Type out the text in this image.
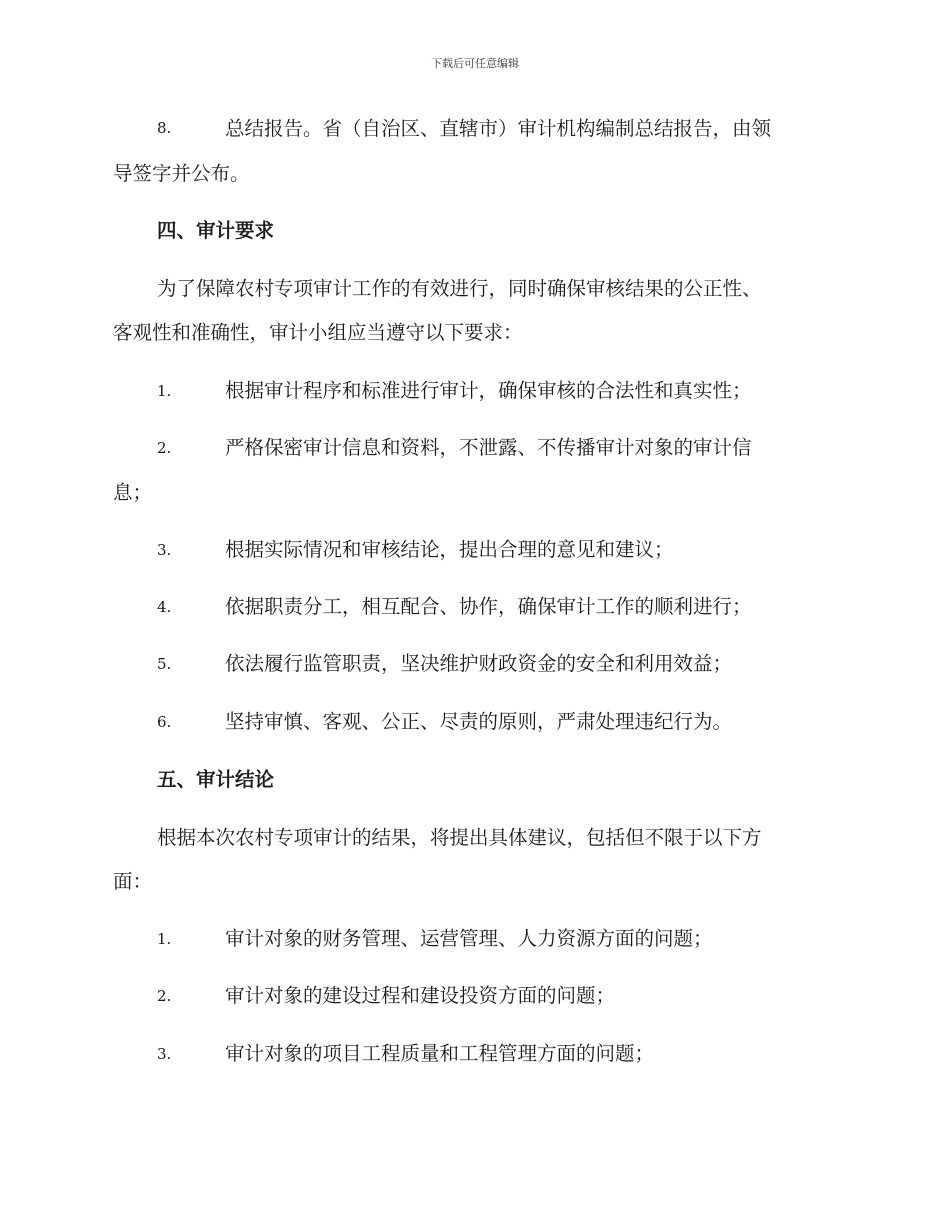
下载后可任意编辑
8.	总结报告。省（自治区、直辖市）审计机构编制总结报告，由领
导签字并公布。
四、审计要求
为了保障农村专项审计工作的有效进行，同时确保审核结果的公正性、
客观性和准确性，审计小组应当遵守以下要求：
1.	根据审计程序和标准进行审计，确保审核的合法性和真实性；
2.	严格保密审计信息和资料，不泄露、不传播审计对象的审计信
息；
3.	根据实际情况和审核结论，提出合理的意见和建议；
4.	依据职责分工，相互配合、协作，确保审计工作的顺利进行；
5.	依法履行监管职责，坚决维护财政资金的安全和利用效益；
6.	坚持审慎、客观、公正、尽责的原则，严肃处理违纪行为。
五、审计结论
根据本次农村专项审计的结果，将提出具体建议，包括但不限于以下方
面：
1.	审计对象的财务管理、运营管理、人力资源方面的问题；
2.	审计对象的建设过程和建设投资方面的问题；
3.	审计对象的项目工程质量和工程管理方面的问题；
